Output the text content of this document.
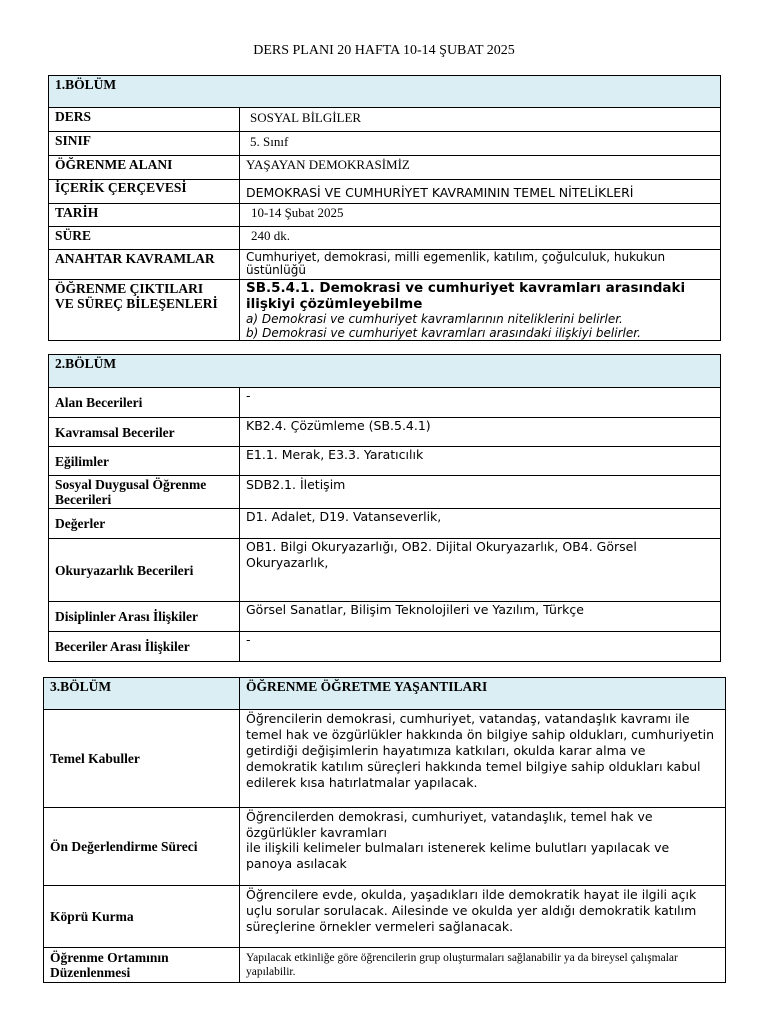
DERS PLANI 20 HAFTA 10-14 ŞUBAT 2025
1.BÖLÜM	
DERS	SOSYAL BİLGİLER
SINIF	5. Sınıf
ÖĞRENME ALANI	YAŞAYAN DEMOKRASİMİZ
İÇERİK ÇERÇEVESİ	DEMOKRASİ VE CUMHURİYET KAVRAMININ TEMEL NİTELİKLERİ
TARİH	10-14 Şubat 2025
SÜRE	240 dk.
ANAHTAR KAVRAMLAR	Cumhuriyet, demokrasi, milli egemenlik, katılım, çoğulculuk, hukukun üstünlüğü

ÖĞRENME ÇIKTILARI
VE SÜREÇ BİLEŞENLERİ	SB.5.4.1. Demokrasi ve cumhuriyet kavramları arasındaki ilişkiyi çözümleyebilme
a) Demokrasi ve cumhuriyet kavramlarının niteliklerini belirler.
b) Demokrasi ve cumhuriyet kavramları arasındaki ilişkiyi belirler.
2.BÖLÜM	
Alan Becerileri	-
Kavramsal Beceriler	KB2.4. Çözümleme (SB.5.4.1)
Eğilimler	E1.1. Merak, E3.3. Yaratıcılık
Sosyal Duygusal Öğrenme Becerileri	SDB2.1. İletişim
Değerler	D1. Adalet, D19. Vatanseverlik,
Okuryazarlık Becerileri	OB1. Bilgi Okuryazarlığı, OB2. Dijital Okuryazarlık, OB4. Görsel Okuryazarlık,
Disiplinler Arası İlişkiler	Görsel Sanatlar, Bilişim Teknolojileri ve Yazılım, Türkçe
Beceriler Arası İlişkiler	-
3.BÖLÜM	ÖĞRENME ÖĞRETME YAŞANTILARI
Temel Kabuller	Öğrencilerin demokrasi, cumhuriyet, vatandaş, vatandaşlık kavramı ile temel hak ve özgürlükler hakkında ön bilgiye sahip oldukları, cumhuriyetin getirdiği değişimlerin hayatımıza katkıları, okulda karar alma ve demokratik katılım süreçleri hakkında temel bilgiye sahip oldukları kabul edilerek kısa hatırlatmalar yapılacak.
Ön Değerlendirme Süreci	Öğrencilerden demokrasi, cumhuriyet, vatandaşlık, temel hak ve özgürlükler kavramları
ile ilişkili kelimeler bulmaları istenerek kelime bulutları yapılacak ve panoya asılacak

Köprü Kurma	Öğrencilere evde, okulda, yaşadıkları ilde demokratik hayat ile ilgili açık uçlu sorular sorulacak. Ailesinde ve okulda yer aldığı demokratik katılım süreçlerine örnekler vermeleri sağlanacak.
Öğrenme Ortamının Düzenlenmesi	Yapılacak etkinliğe göre öğrencilerin grup oluşturmaları sağlanabilir ya da bireysel çalışmalar yapılabilir.
